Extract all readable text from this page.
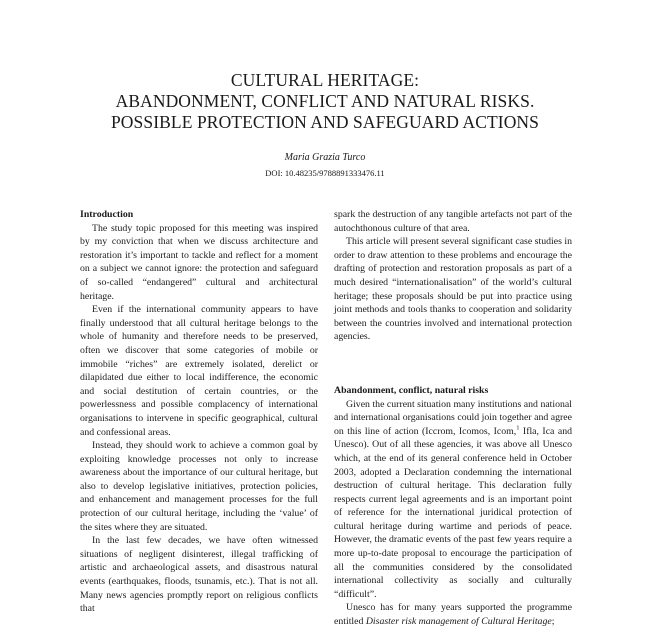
CULTURAL HERITAGE:
ABANDONMENT, CONFLICT AND NATURAL RISKS.
POSSIBLE PROTECTION AND SAFEGUARD ACTIONS
Maria Grazia Turco
DOI: 10.48235/9788891333476.11
Introduction

The study topic proposed for this meeting was inspired by my conviction that when we discuss architecture and restoration it’s important to tackle and reflect for a moment on a subject we cannot ignore: the protection and safeguard of so-called “endangered” cultural and architectural heritage.

Even if the international community appears to have finally understood that all cultural heritage belongs to the whole of humanity and therefore needs to be preserved, often we discover that some categories of mobile or immobile “riches” are extremely isolated, derelict or dilapidated due either to local indifference, the economic and social destitution of certain countries, or the powerlessness and possible complacency of international organisations to intervene in specific geographical, cultural and confessional areas.

Instead, they should work to achieve a common goal by exploiting knowledge processes not only to increase awareness about the importance of our cultural heritage, but also to develop legislative initiatives, protection policies, and enhancement and management processes for the full protection of our cultural heritage, including the ‘value’ of the sites where they are situated.

In the last few decades, we have often witnessed situations of negligent disinterest, illegal trafficking of artistic and archaeological assets, and disastrous natural events (earthquakes, floods, tsunamis, etc.). That is not all. Many news agencies promptly report on religious conflicts that

spark the destruction of any tangible artefacts not part of the autochthonous culture of that area.

This article will present several significant case studies in order to draw attention to these problems and encourage the drafting of protection and restoration proposals as part of a much desired “internationalisation” of the world’s cultural heritage; these proposals should be put into practice using joint methods and tools thanks to cooperation and solidarity between the countries involved and international protection agencies.

Abandonment, conflict, natural risks

Given the current situation many institutions and national and international organisations could join together and agree on this line of action (Iccrom, Icomos, Icom,$^1$ Ifla, Ica and Unesco). Out of all these agencies, it was above all Unesco which, at the end of its general conference held in October 2003, adopted a Declaration condemning the international destruction of cultural heritage. This declaration fully respects current legal agreements and is an important point of reference for the international juridical protection of cultural heritage during wartime and periods of peace. However, the dramatic events of the past few years require a more up-to-date proposal to encourage the participation of all the communities considered by the consolidated international collectivity as socially and culturally “difficult”.

Unesco has for many years supported the programme entitled Disaster risk management of Cultural Heritage;
